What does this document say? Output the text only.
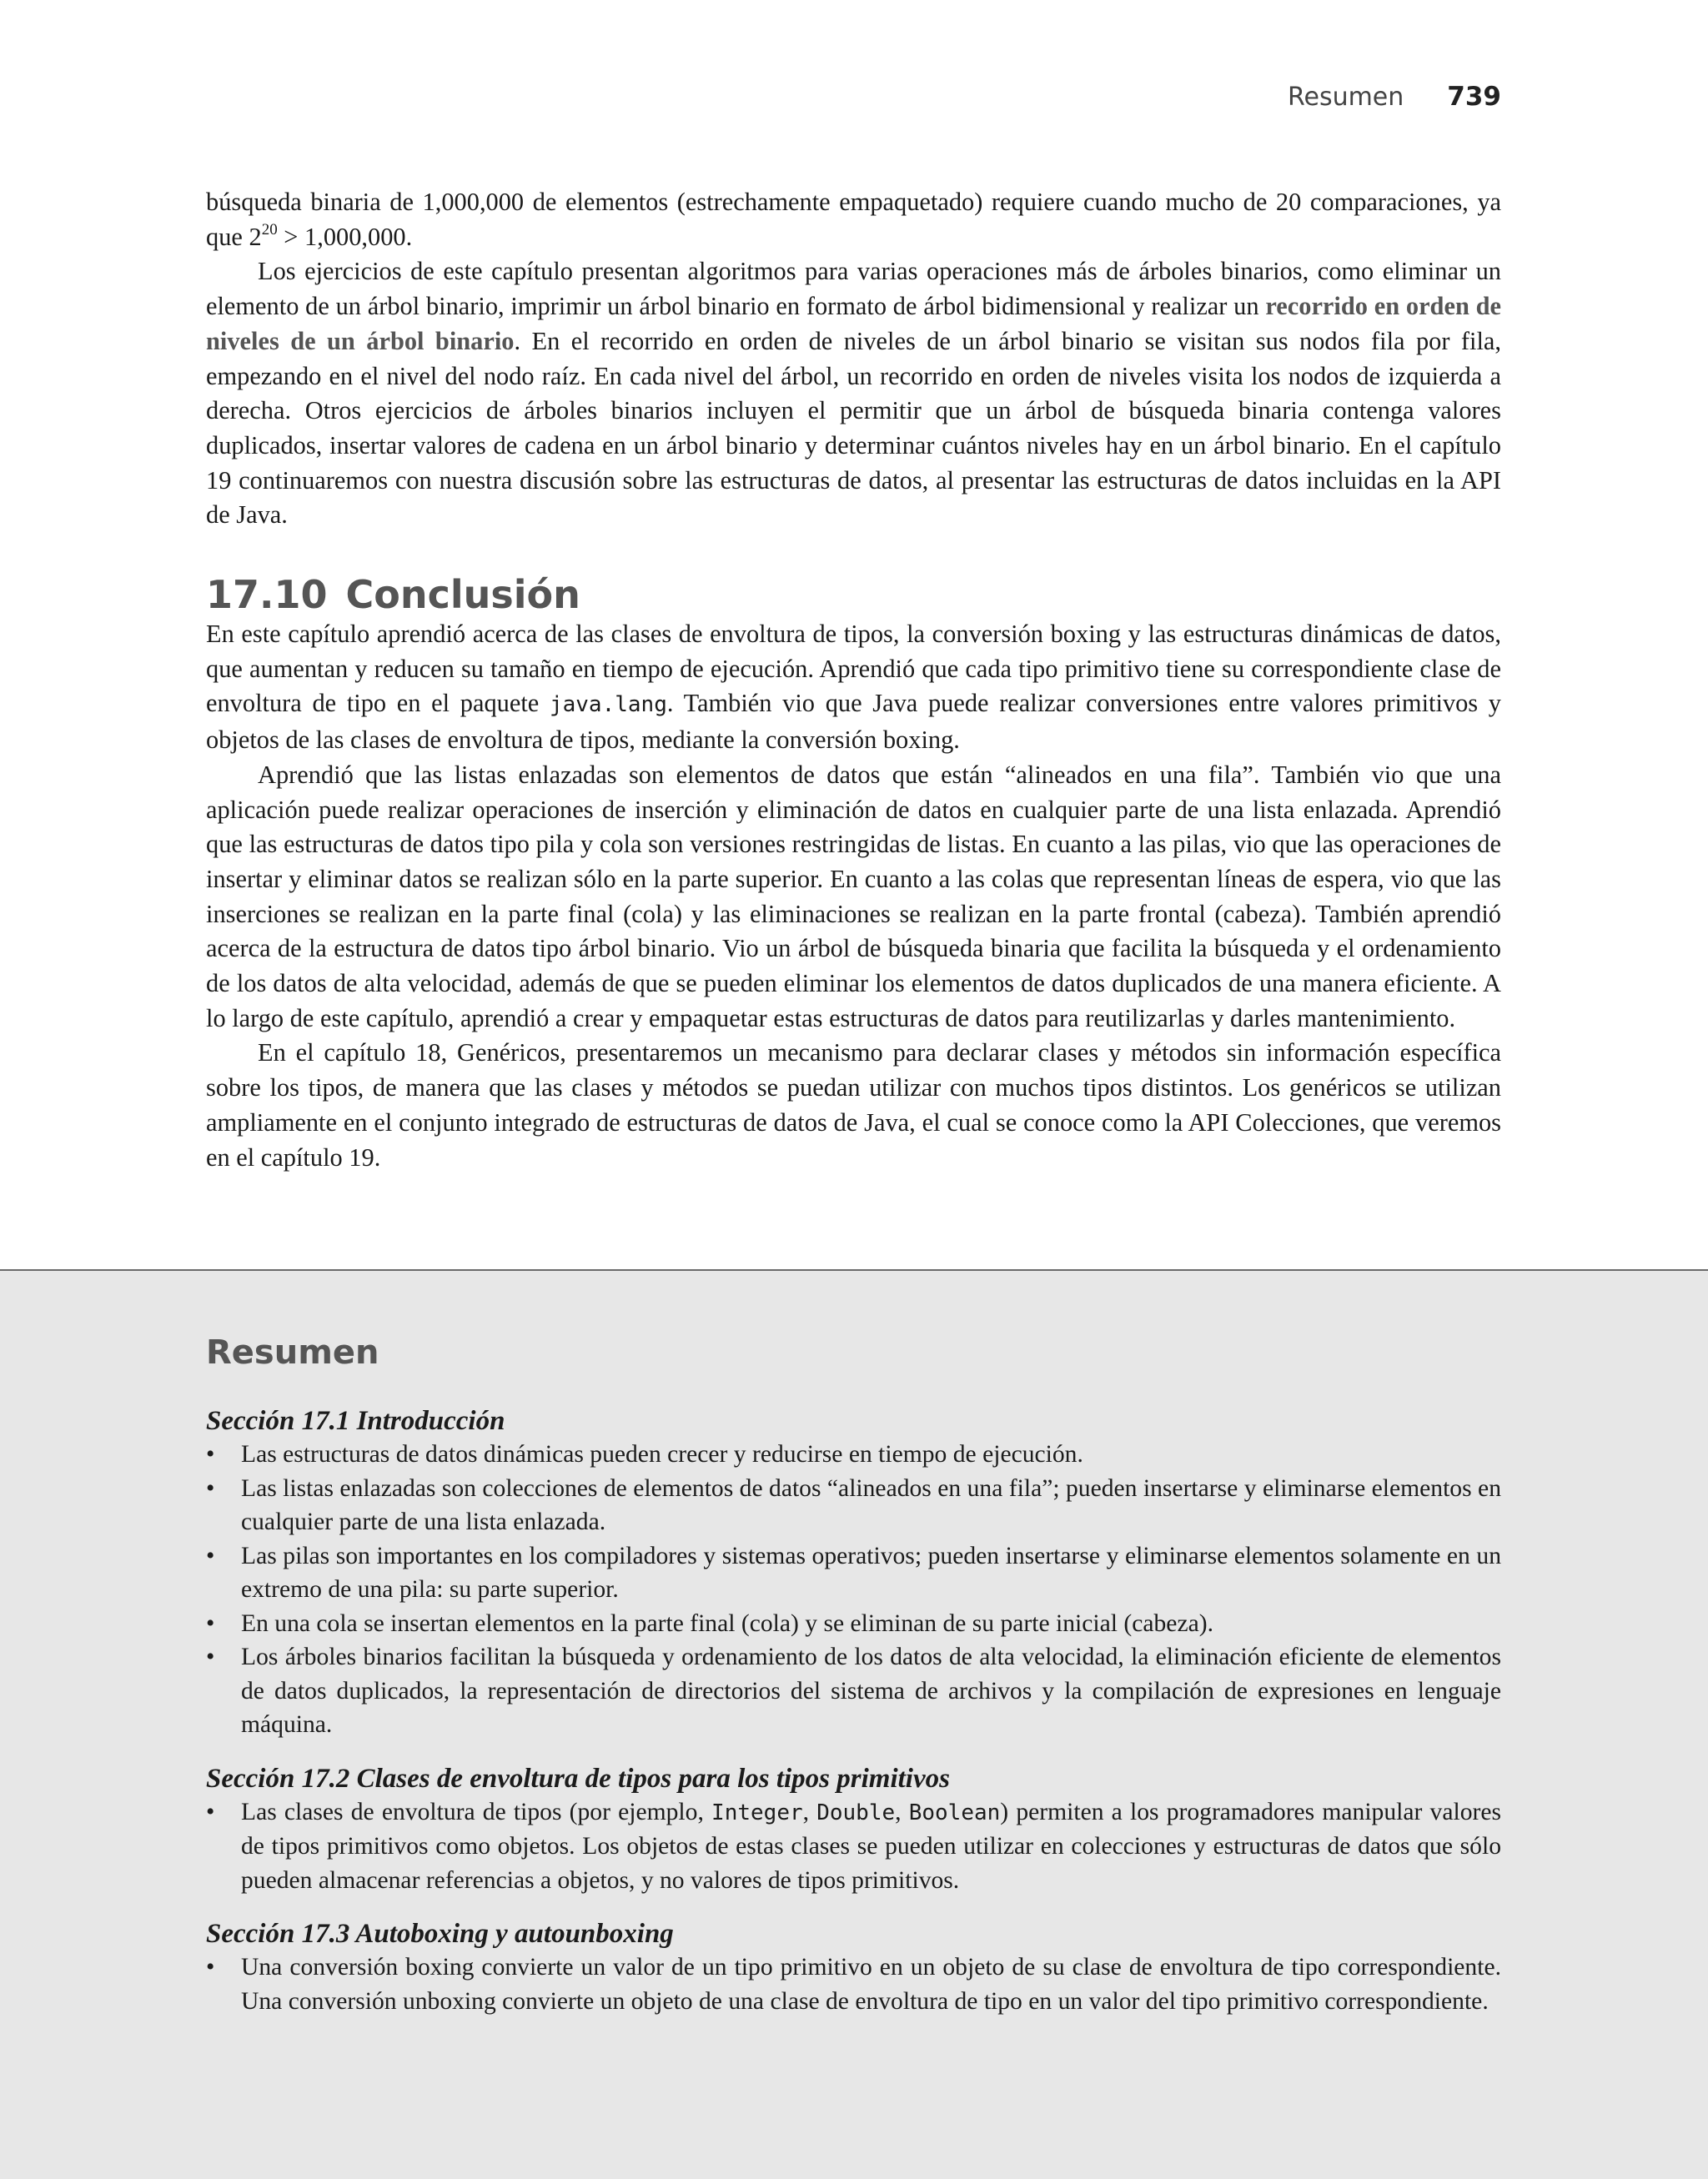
Resumen 739

búsqueda binaria de 1,000,000 de elementos (estrechamente empaquetado) requiere cuando mucho de 20 comparaciones, ya que $2^{20} > 1,000,000$.

Los ejercicios de este capítulo presentan algoritmos para varias operaciones más de árboles binarios, como eliminar un elemento de un árbol binario, imprimir un árbol binario en formato de árbol bidimensional y realizar un recorrido en orden de niveles de un árbol binario. En el recorrido en orden de niveles de un árbol binario se visitan sus nodos fila por fila, empezando en el nivel del nodo raíz. En cada nivel del árbol, un recorrido en orden de niveles visita los nodos de izquierda a derecha. Otros ejercicios de árboles binarios incluyen el permitir que un árbol de búsqueda binaria contenga valores duplicados, insertar valores de cadena en un árbol binario y determinar cuántos niveles hay en un árbol binario. En el capítulo 19 continuaremos con nuestra discusión sobre las estructuras de datos, al presentar las estructuras de datos incluidas en la API de Java.

17.10 Conclusión

En este capítulo aprendió acerca de las clases de envoltura de tipos, la conversión boxing y las estructuras dinámicas de datos, que aumentan y reducen su tamaño en tiempo de ejecución. Aprendió que cada tipo primitivo tiene su correspondiente clase de envoltura de tipo en el paquete java.lang. También vio que Java puede realizar conversiones entre valores primitivos y objetos de las clases de envoltura de tipos, mediante la conversión boxing.

Aprendió que las listas enlazadas son elementos de datos que están “alineados en una fila”. También vio que una aplicación puede realizar operaciones de inserción y eliminación de datos en cualquier parte de una lista enlazada. Aprendió que las estructuras de datos tipo pila y cola son versiones restringidas de listas. En cuanto a las pilas, vio que las operaciones de insertar y eliminar datos se realizan sólo en la parte superior. En cuanto a las colas que representan líneas de espera, vio que las inserciones se realizan en la parte final (cola) y las eliminaciones se realizan en la parte frontal (cabeza). También aprendió acerca de la estructura de datos tipo árbol binario. Vio un árbol de búsqueda binaria que facilita la búsqueda y el ordenamiento de los datos de alta velocidad, además de que se pueden eliminar los elementos de datos duplicados de una manera eficiente. A lo largo de este capítulo, aprendió a crear y empaquetar estas estructuras de datos para reutilizarlas y darles mantenimiento.

En el capítulo 18, Genéricos, presentaremos un mecanismo para declarar clases y métodos sin información específica sobre los tipos, de manera que las clases y métodos se puedan utilizar con muchos tipos distintos. Los genéricos se utilizan ampliamente en el conjunto integrado de estructuras de datos de Java, el cual se conoce como la API Colecciones, que veremos en el capítulo 19.

Resumen
Sección 17.1 Introducción
• Las estructuras de datos dinámicas pueden crecer y reducirse en tiempo de ejecución.
• Las listas enlazadas son colecciones de elementos de datos “alineados en una fila”; pueden insertarse y eliminarse elementos en cualquier parte de una lista enlazada.
• Las pilas son importantes en los compiladores y sistemas operativos; pueden insertarse y eliminarse elementos solamente en un extremo de una pila: su parte superior.
• En una cola se insertan elementos en la parte final (cola) y se eliminan de su parte inicial (cabeza).
• Los árboles binarios facilitan la búsqueda y ordenamiento de los datos de alta velocidad, la eliminación eficiente de elementos de datos duplicados, la representación de directorios del sistema de archivos y la compilación de expresiones en lenguaje máquina.
Sección 17.2 Clases de envoltura de tipos para los tipos primitivos
• Las clases de envoltura de tipos (por ejemplo, Integer, Double, Boolean) permiten a los programadores manipular valores de tipos primitivos como objetos. Los objetos de estas clases se pueden utilizar en colecciones y estructuras de datos que sólo pueden almacenar referencias a objetos, y no valores de tipos primitivos.
Sección 17.3 Autoboxing y autounboxing
• Una conversión boxing convierte un valor de un tipo primitivo en un objeto de su clase de envoltura de tipo correspondiente. Una conversión unboxing convierte un objeto de una clase de envoltura de tipo en un valor del tipo primitivo correspondiente.
